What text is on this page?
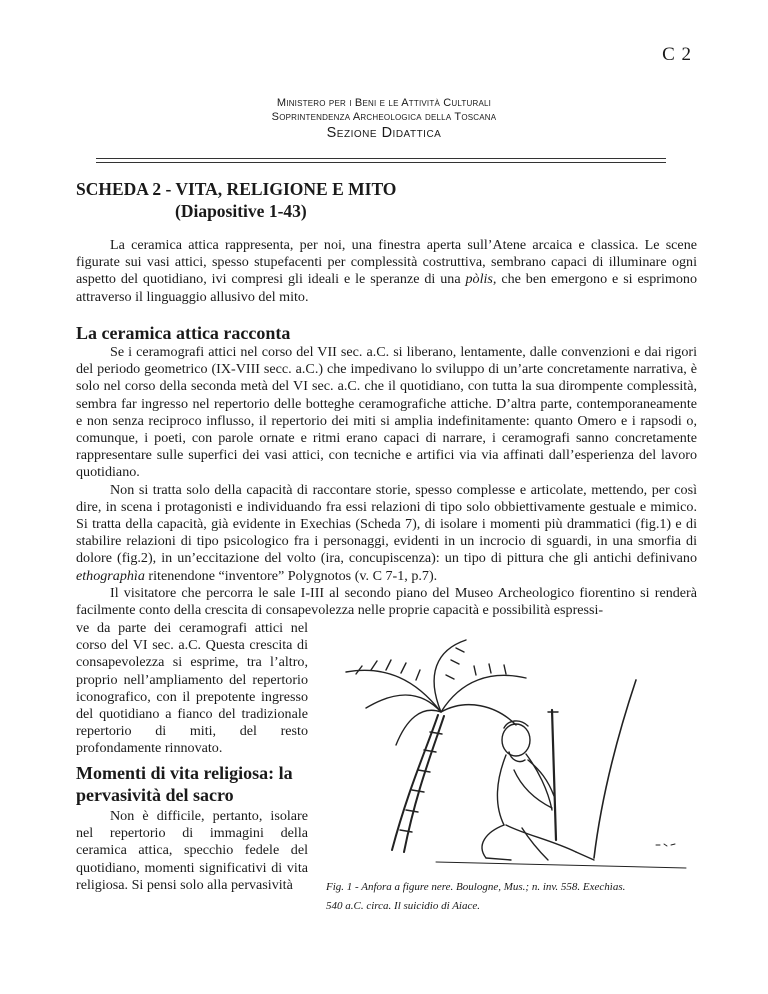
C 2
Ministero per i Beni e le Attività Culturali
Soprintendenza Archeologica della Toscana
Sezione Didattica
SCHEDA 2 - VITA, RELIGIONE E MITO
(Diapositive 1-43)

La ceramica attica rappresenta, per noi, una finestra aperta sull’Atene arcaica e classica. Le scene figurate sui vasi attici, spesso stupefacenti per complessità costruttiva, sembrano capaci di illuminare ogni aspetto del quotidiano, ivi compresi gli ideali e le speranze di una pòlis, che ben emergono e si esprimono attraverso il linguaggio allusivo del mito.

La ceramica attica racconta

Se i ceramografi attici nel corso del VII sec. a.C. si liberano, lentamente, dalle convenzioni e dai rigori del periodo geometrico (IX-VIII secc. a.C.) che impedivano lo sviluppo di un’arte concretamente narrativa, è solo nel corso della seconda metà del VI sec. a.C. che il quotidiano, con tutta la sua dirompente complessità, sembra far ingresso nel repertorio delle botteghe ceramografiche attiche. D’altra parte, contemporaneamente e non senza reciproco influsso, il repertorio dei miti si amplia indefinitamente: quanto Omero e i rapsodi o, comunque, i poeti, con parole ornate e ritmi erano capaci di narrare, i ceramografi sanno concretamente rappresentare sulle superfici dei vasi attici, con tecniche e artifici via via affinati dall’esperienza del lavoro quotidiano.

Non si tratta solo della capacità di raccontare storie, spesso complesse e articolate, mettendo, per così dire, in scena i protagonisti e individuando fra essi relazioni di tipo solo obbiettivamente gestuale e mimico. Si tratta della capacità, già evidente in Exechias (Scheda 7), di isolare i momenti più drammatici (fig.1) e di stabilire relazioni di tipo psicologico fra i personaggi, evidenti in un incrocio di sguardi, in una smorfia di dolore (fig.2), in un’eccitazione del volto (ira, concupiscenza): un tipo di pittura che gli antichi definivano ethographìa ritenendone “inventore” Polygnotos (v. C 7-1, p.7).

Il visitatore che percorra le sale I-III al secondo piano del Museo Archeologico fiorentino si renderà facilmente conto della crescita di consapevolezza nelle proprie capacità e possibilità espressi-

ve da parte dei ceramografi attici nel corso del VI sec. a.C. Questa crescita di consapevolezza si esprime, tra l’altro, proprio nell’ampliamento del repertorio iconografico, con il prepotente ingresso del quotidiano a fianco del tradizionale repertorio di miti, del resto profondamente rinnovato.

Momenti di vita religiosa: la pervasività del sacro

Non è difficile, pertanto, isolare nel repertorio di immagini della ceramica attica, specchio fedele del quotidiano, momenti significativi di vita religiosa. Si pensi solo alla pervasività	Fig. 1 - Anfora a figure nere. Boulogne, Mus.; n. inv. 558. Exechìas.
540 a.C. circa. Il suicidio di Aiace.
